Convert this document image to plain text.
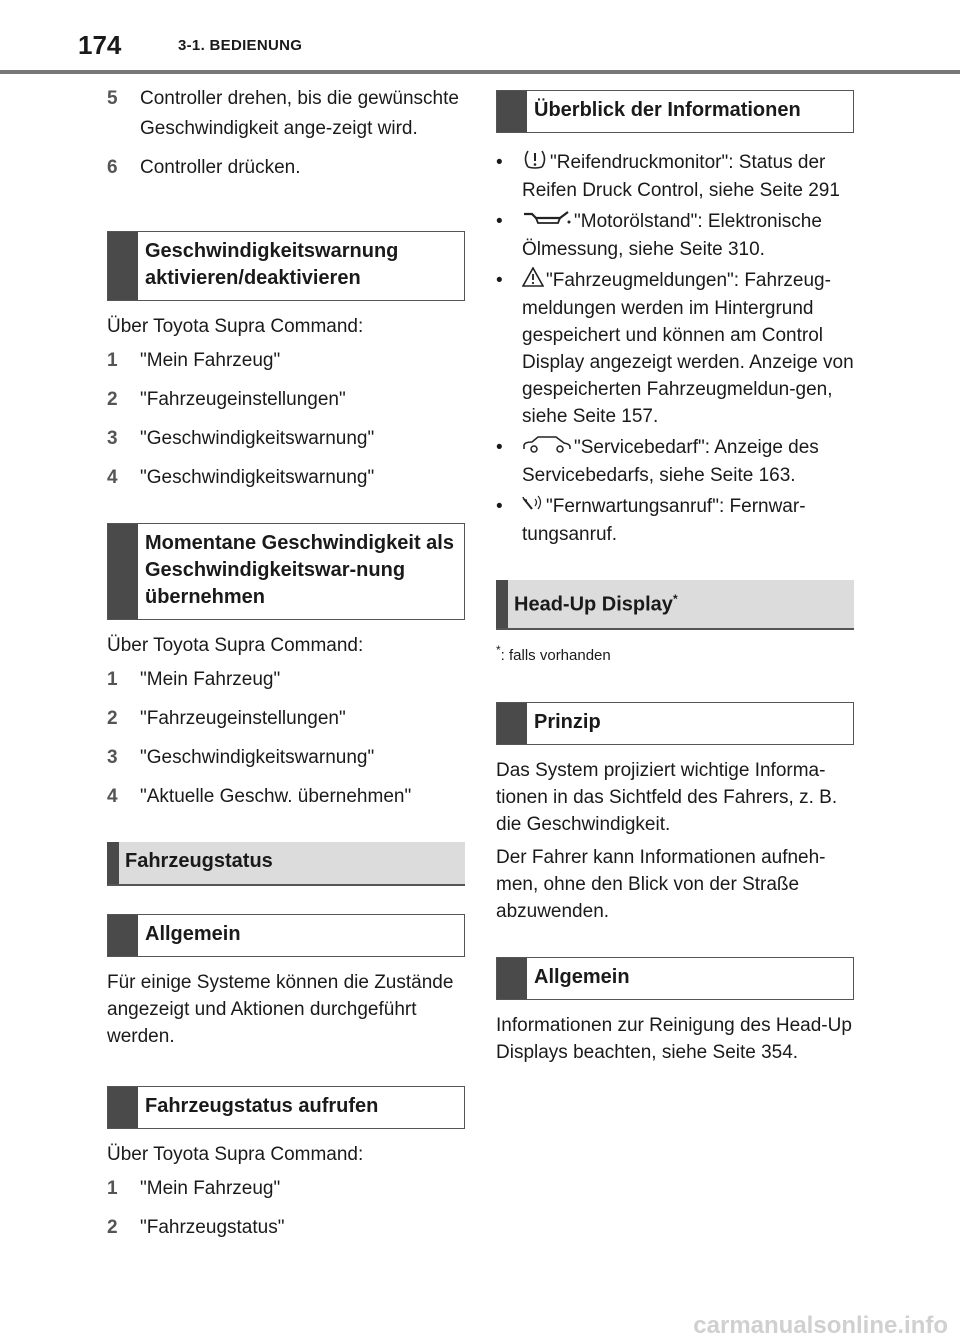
174	3-1. BEDIENUNG
5	Controller drehen, bis die gewünschte Geschwindigkeit ange-zeigt wird.
6	Controller drücken.
Geschwindigkeitswarnung aktivieren/deaktivieren

Über Toyota Supra Command:

1	"Mein Fahrzeug"
2	"Fahrzeugeinstellungen"
3	"Geschwindigkeitswarnung"
4	"Geschwindigkeitswarnung"
Momentane Geschwindigkeit als Geschwindigkeitswar-nung übernehmen

Über Toyota Supra Command:

1	"Mein Fahrzeug"
2	"Fahrzeugeinstellungen"
3	"Geschwindigkeitswarnung"
4	"Aktuelle Geschw. übernehmen"
Fahrzeugstatus
Allgemein

Für einige Systeme können die Zustände angezeigt und Aktionen durchgeführt werden.

Fahrzeugstatus aufrufen

Über Toyota Supra Command:

1	"Mein Fahrzeug"
2	"Fahrzeugstatus"
Überblick der Informationen
•	"Reifendruckmonitor": Status der Reifen Druck Control, siehe Seite 291
•	"Motorölstand": Elektronische Ölmessung, siehe Seite 310.
•	"Fahrzeugmeldungen": Fahrzeug-meldungen werden im Hintergrund gespeichert und können am Control Display angezeigt werden. Anzeige von gespeicherten Fahrzeugmeldun-gen, siehe Seite 157.
•	"Servicebedarf": Anzeige des Servicebedarfs, siehe Seite 163.
•	"Fernwartungsanruf": Fernwar-tungsanruf.
Head-Up Display*
*: falls vorhanden
Prinzip

Das System projiziert wichtige Informa-tionen in das Sichtfeld des Fahrers, z. B. die Geschwindigkeit.

Der Fahrer kann Informationen aufneh-men, ohne den Blick von der Straße abzuwenden.

Allgemein

Informationen zur Reinigung des Head-Up Displays beachten, siehe Seite 354.

carmanualsonline.info
